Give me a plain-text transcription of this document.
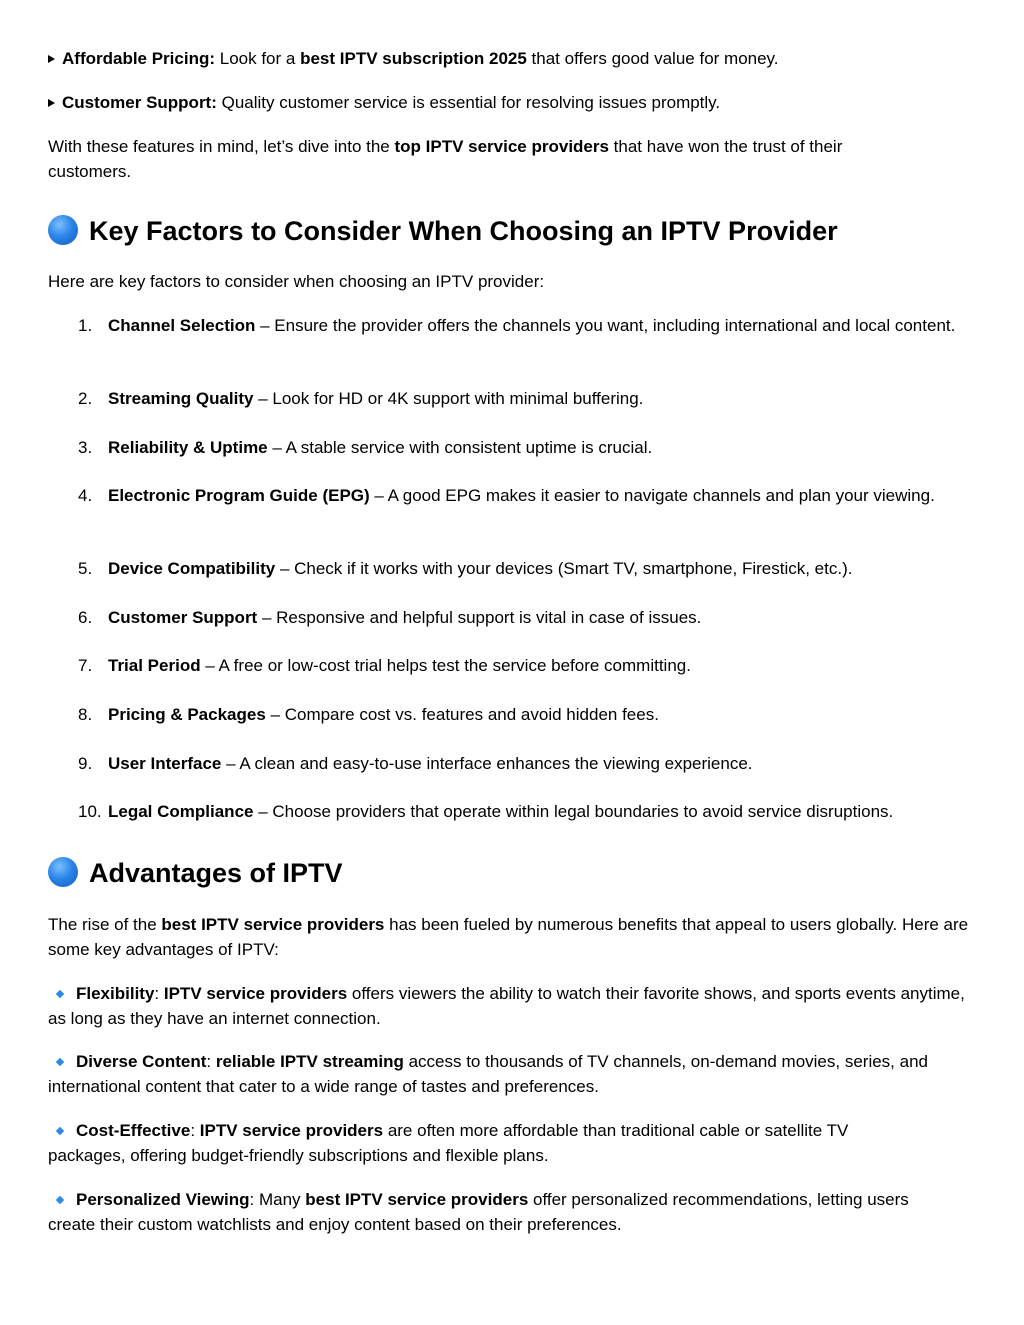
Affordable Pricing: Look for a best IPTV subscription 2025 that offers good value for money.

Customer Support: Quality customer service is essential for resolving issues promptly.

With these features in mind, let’s dive into the top IPTV service providers that have won the trust of their customers.

Key Factors to Consider When Choosing an IPTV Provider

Here are key factors to consider when choosing an IPTV provider:

1. Channel Selection – Ensure the provider offers the channels you want, including international and local content.
2. Streaming Quality – Look for HD or 4K support with minimal buffering.
3. Reliability & Uptime – A stable service with consistent uptime is crucial.
4. Electronic Program Guide (EPG) – A good EPG makes it easier to navigate channels and plan your viewing.
5. Device Compatibility – Check if it works with your devices (Smart TV, smartphone, Firestick, etc.).
6. Customer Support – Responsive and helpful support is vital in case of issues.
7. Trial Period – A free or low-cost trial helps test the service before committing.
8. Pricing & Packages – Compare cost vs. features and avoid hidden fees.
9. User Interface – A clean and easy-to-use interface enhances the viewing experience.
10. Legal Compliance – Choose providers that operate within legal boundaries to avoid service disruptions.
Advantages of IPTV

The rise of the best IPTV service providers has been fueled by numerous benefits that appeal to users globally. Here are some key advantages of IPTV:

Flexibility: IPTV service providers offers viewers the ability to watch their favorite shows, and sports events anytime, as long as they have an internet connection.

Diverse Content: reliable IPTV streaming access to thousands of TV channels, on-demand movies, series, and international content that cater to a wide range of tastes and preferences.

Cost-Effective: IPTV service providers are often more affordable than traditional cable or satellite TV packages, offering budget-friendly subscriptions and flexible plans.

Personalized Viewing: Many best IPTV service providers offer personalized recommendations, letting users create their custom watchlists and enjoy content based on their preferences.
